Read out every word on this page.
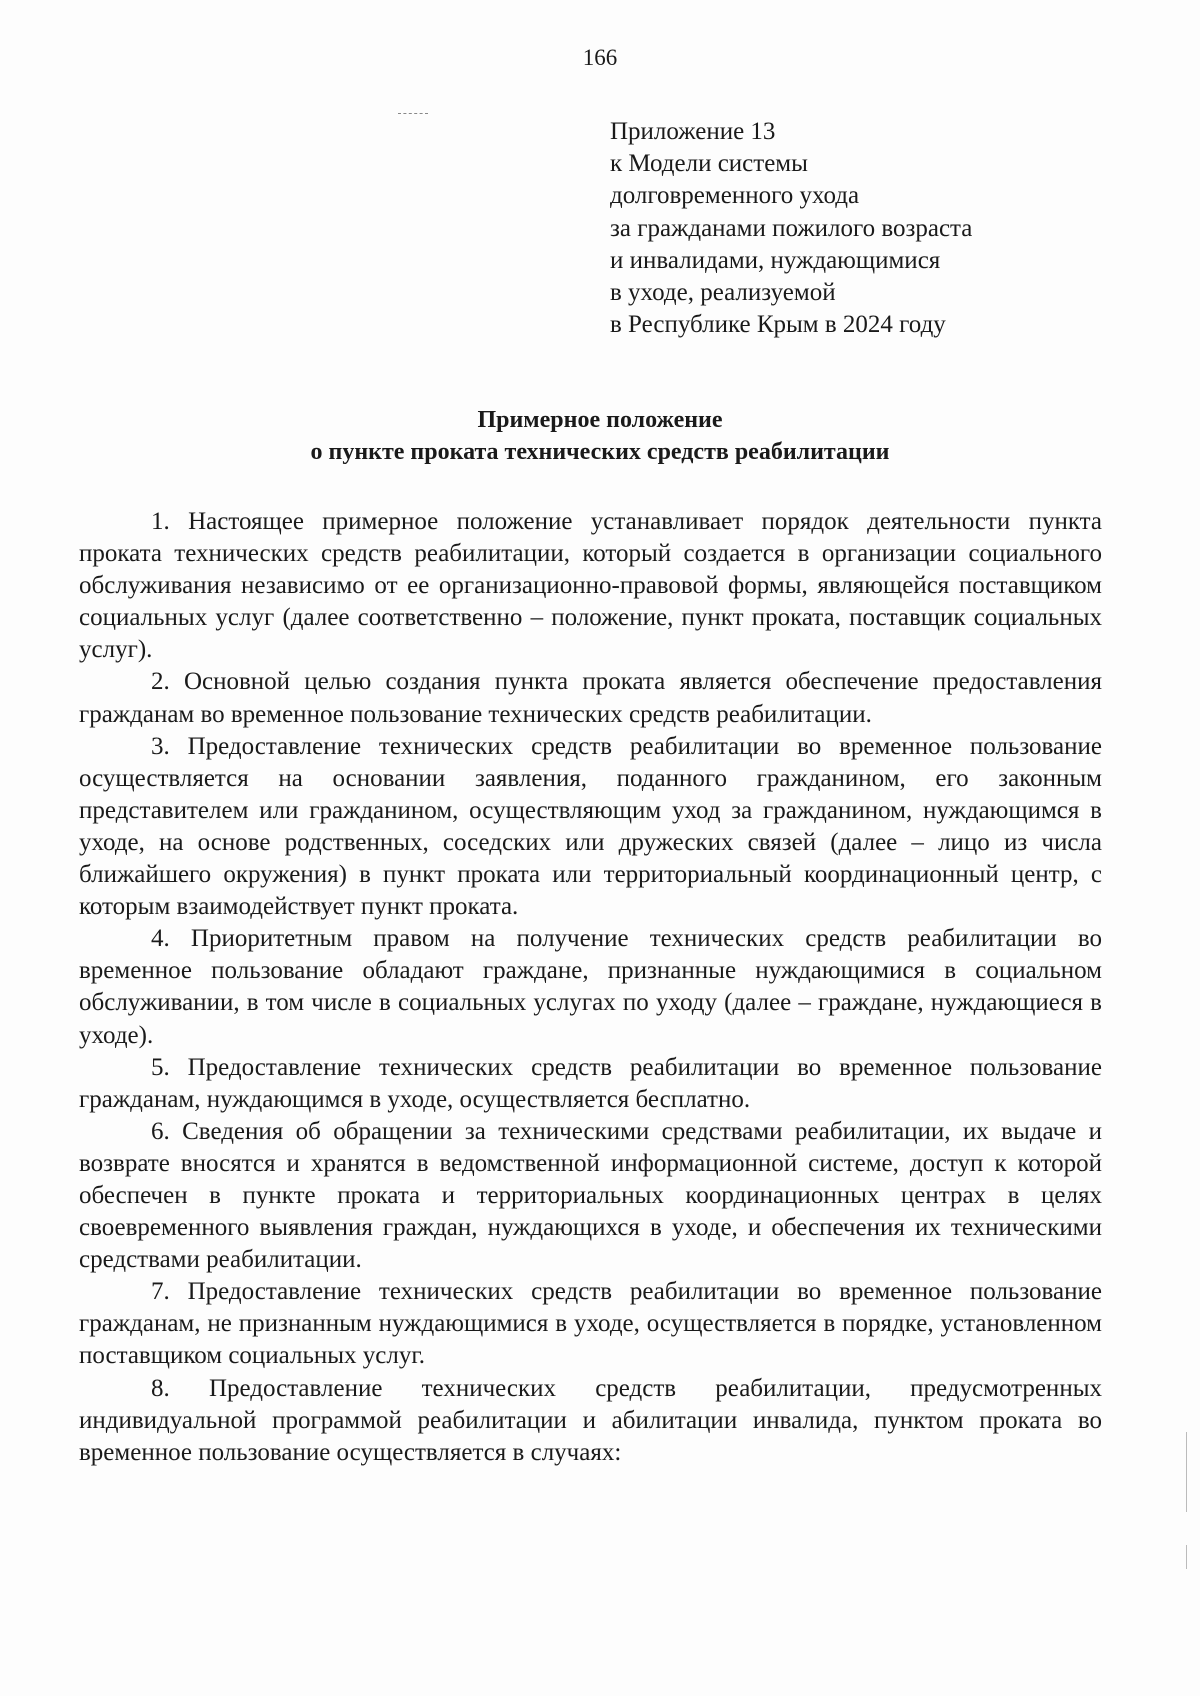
166
Приложение 13
к Модели системы
долговременного ухода
за гражданами пожилого возраста
и инвалидами, нуждающимися
в уходе, реализуемой
в Республике Крым в 2024 году
Примерное положение
о пункте проката технических средств реабилитации

1. Настоящее примерное положение устанавливает порядок деятельности пункта проката технических средств реабилитации, который создается в организации социального обслуживания независимо от ее организационно-правовой формы, являющейся поставщиком социальных услуг (далее соответственно – положение, пункт проката, поставщик социальных услуг).

2. Основной целью создания пункта проката является обеспечение предоставления гражданам во временное пользование технических средств реабилитации.

3. Предоставление технических средств реабилитации во временное пользование осуществляется на основании заявления, поданного гражданином, его законным представителем или гражданином, осуществляющим уход за гражданином, нуждающимся в уходе, на основе родственных, соседских или дружеских связей (далее – лицо из числа ближайшего окружения) в пункт проката или территориальный координационный центр, с которым взаимодействует пункт проката.

4. Приоритетным правом на получение технических средств реабилитации во временное пользование обладают граждане, признанные нуждающимися в социальном обслуживании, в том числе в социальных услугах по уходу (далее – граждане, нуждающиеся в уходе).

5. Предоставление технических средств реабилитации во временное пользование гражданам, нуждающимся в уходе, осуществляется бесплатно.

6. Сведения об обращении за техническими средствами реабилитации, их выдаче и возврате вносятся и хранятся в ведомственной информационной системе, доступ к которой обеспечен в пункте проката и территориальных координационных центрах в целях своевременного выявления граждан, нуждающихся в уходе, и обеспечения их техническими средствами реабилитации.

7. Предоставление технических средств реабилитации во временное пользование гражданам, не признанным нуждающимися в уходе, осуществляется в порядке, установленном поставщиком социальных услуг.

8. Предоставление технических средств реабилитации, предусмотренных индивидуальной программой реабилитации и абилитации инвалида, пунктом проката во временное пользование осуществляется в случаях:
